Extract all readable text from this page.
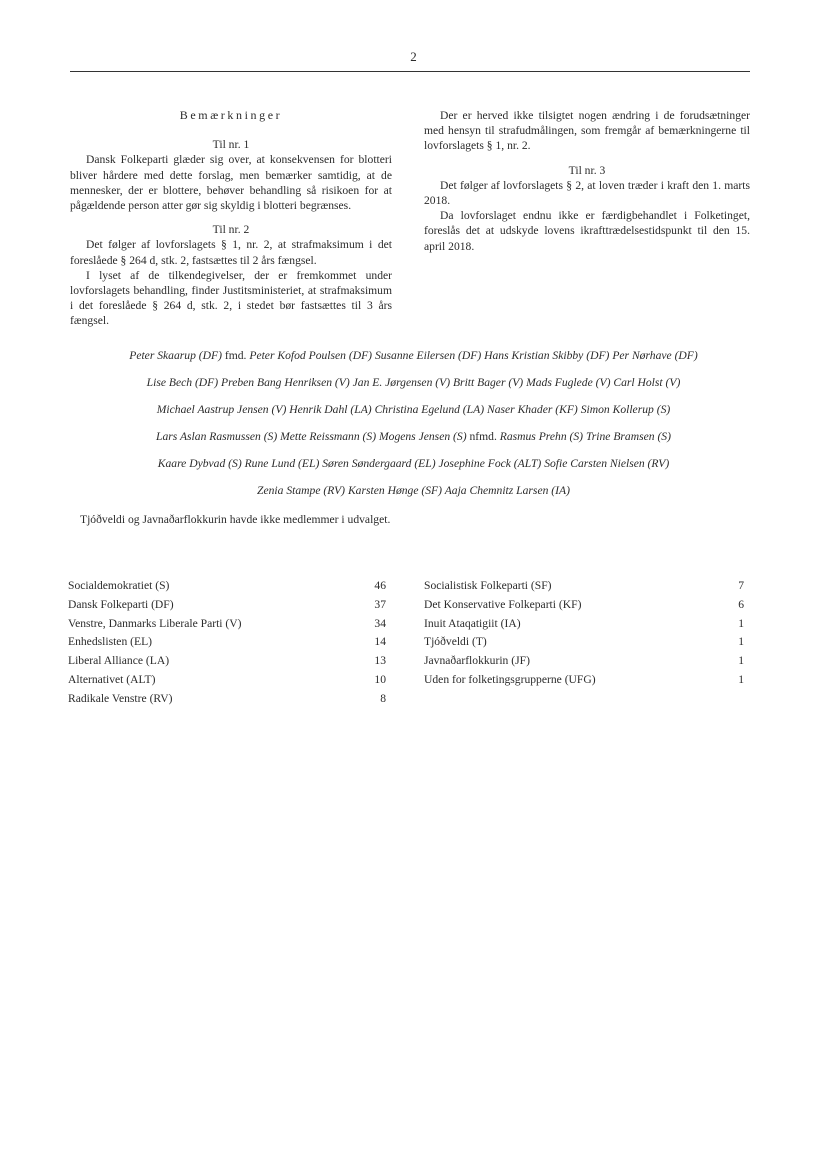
2

Bemærkninger

Til nr. 1

Dansk Folkeparti glæder sig over, at konsekvensen for blotteri bliver hårdere med dette forslag, men bemærker samtidig, at de mennesker, der er blottere, behøver behandling så risikoen for at pågældende person atter gør sig skyldig i blotteri begrænses.

Til nr. 2

Det følger af lovforslagets § 1, nr. 2, at strafmaksimum i det foreslåede § 264 d, stk. 2, fastsættes til 2 års fængsel.

I lyset af de tilkendegivelser, der er fremkommet under lovforslagets behandling, finder Justitsministeriet, at strafmaksimum i det foreslåede § 264 d, stk. 2, i stedet bør fastsættes til 3 års fængsel.

Der er herved ikke tilsigtet nogen ændring i de forudsætninger med hensyn til strafudmålingen, som fremgår af bemærkningerne til lovforslagets § 1, nr. 2.

Til nr. 3

Det følger af lovforslagets § 2, at loven træder i kraft den 1. marts 2018.

Da lovforslaget endnu ikke er færdigbehandlet i Folketinget, foreslås det at udskyde lovens ikrafttrædelsestidspunkt til den 15. april 2018.

Peter Skaarup (DF) fmd. Peter Kofod Poulsen (DF) Susanne Eilersen (DF) Hans Kristian Skibby (DF) Per Nørhave (DF)
Lise Bech (DF) Preben Bang Henriksen (V) Jan E. Jørgensen (V) Britt Bager (V) Mads Fuglede (V) Carl Holst (V)
Michael Aastrup Jensen (V) Henrik Dahl (LA) Christina Egelund (LA) Naser Khader (KF) Simon Kollerup (S)
Lars Aslan Rasmussen (S) Mette Reissmann (S) Mogens Jensen (S) nfmd. Rasmus Prehn (S) Trine Bramsen (S)
Kaare Dybvad (S) Rune Lund (EL) Søren Søndergaard (EL) Josephine Fock (ALT) Sofie Carsten Nielsen (RV)
Zenia Stampe (RV) Karsten Hønge (SF) Aaja Chemnitz Larsen (IA)
Tjóðveldi og Javnaðarflokkurin havde ikke medlemmer i udvalget.
Socialdemokratiet (S)	46
Dansk Folkeparti (DF)	37
Venstre, Danmarks Liberale Parti (V)	34
Enhedslisten (EL)	14
Liberal Alliance (LA)	13
Alternativet (ALT)	10
Radikale Venstre (RV)	8
Socialistisk Folkeparti (SF)	7
Det Konservative Folkeparti (KF)	6
Inuit Ataqatigiit (IA)	1
Tjóðveldi (T)	1
Javnaðarflokkurin (JF)	1
Uden for folketingsgrupperne (UFG)	1
